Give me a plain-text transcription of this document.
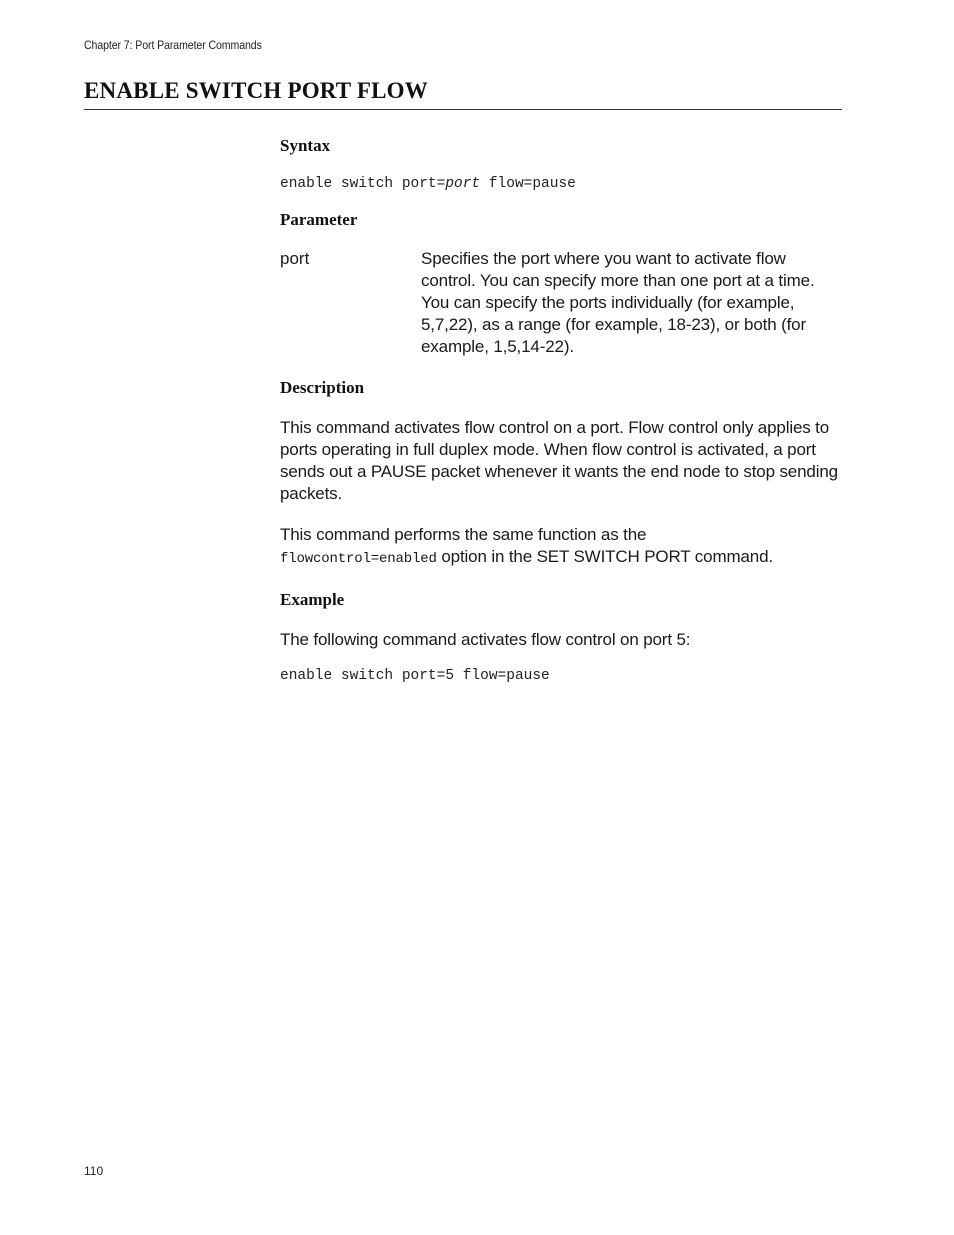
Chapter 7: Port Parameter Commands
ENABLE SWITCH PORT FLOW
Syntax
enable switch port=port flow=pause
Parameter
port	Specifies the port where you want to activate flow control. You can specify more than one port at a time. You can specify the ports individually (for example, 5,7,22), as a range (for example, 18-23), or both (for example, 1,5,14-22).
Description

This command activates flow control on a port. Flow control only applies to ports operating in full duplex mode. When flow control is activated, a port sends out a PAUSE packet whenever it wants the end node to stop sending packets.

This command performs the same function as the
flowcontrol=enabled option in the SET SWITCH PORT command.

Example

The following command activates flow control on port 5:

enable switch port=5 flow=pause
110
